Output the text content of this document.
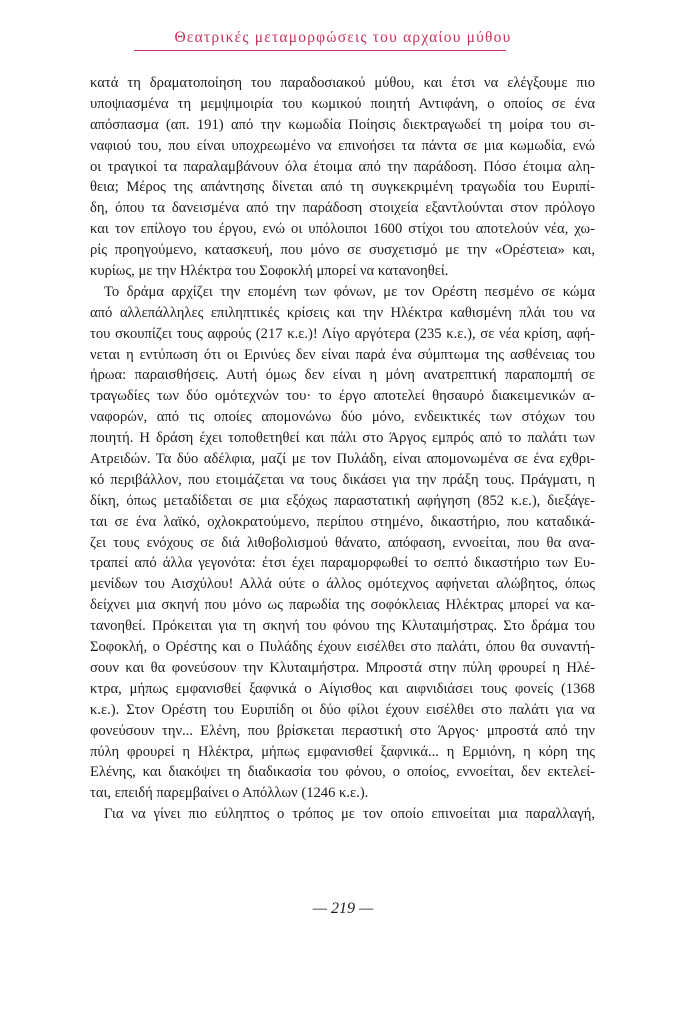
Θεατρικές μεταμορφώσεις του αρχαίου μύθου
κατά τη δραματοποίηση του παραδοσιακού μύθου, και έτσι να ελέγξουμε πιο
υποψιασμένα τη μεμψιμοιρία του κωμικού ποιητή Αντιφάνη, ο οποίος σε ένα
απόσπασμα (απ. 191) από την κωμωδία Ποίησις διεκτραγωδεί τη μοίρα του σι-
ναφιού του, που είναι υποχρεωμένο να επινοήσει τα πάντα σε μια κωμωδία, ενώ
οι τραγικοί τα παραλαμβάνουν όλα έτοιμα από την παράδοση. Πόσο έτοιμα αλη-
θεια; Μέρος της απάντησης δίνεται από τη συγκεκριμένη τραγωδία του Ευριπί-
δη, όπου τα δανεισμένα από την παράδοση στοιχεία εξαντλούνται στον πρόλογο
και τον επίλογο του έργου, ενώ οι υπόλοιποι 1600 στίχοι του αποτελούν νέα, χω-
ρίς προηγούμενο, κατασκευή, που μόνο σε συσχετισμό με την «Ορέστεια» και,
κυρίως, με την Ηλέκτρα του Σοφοκλή μπορεί να κατανοηθεί.
Το δράμα αρχίζει την επομένη των φόνων, με τον Ορέστη πεσμένο σε κώμα
από αλλεπάλληλες επιληπτικές κρίσεις και την Ηλέκτρα καθισμένη πλάι του να
του σκουπίζει τους αφρούς (217 κ.ε.)! Λίγο αργότερα (235 κ.ε.), σε νέα κρίση, αφή-
νεται η εντύπωση ότι οι Ερινύες δεν είναι παρά ένα σύμπτωμα της ασθένειας του
ήρωα: παραισθήσεις. Αυτή όμως δεν είναι η μόνη ανατρεπτική παραπομπή σε
τραγωδίες των δύο ομότεχνών του· το έργο αποτελεί θησαυρό διακειμενικών α-
ναφορών, από τις οποίες απομονώνω δύο μόνο, ενδεικτικές των στόχων του
ποιητή. Η δράση έχει τοποθετηθεί και πάλι στο Άργος εμπρός από το παλάτι των
Ατρειδών. Τα δύο αδέλφια, μαζί με τον Πυλάδη, είναι απομονωμένα σε ένα εχθρι-
κό περιβάλλον, που ετοιμάζεται να τους δικάσει για την πράξη τους. Πράγματι, η
δίκη, όπως μεταδίδεται σε μια εξόχως παραστατική αφήγηση (852 κ.ε.), διεξάγε-
ται σε ένα λαϊκό, οχλοκρατούμενο, περίπου στημένο, δικαστήριο, που καταδικά-
ζει τους ενόχους σε διά λιθοβολισμού θάνατο, απόφαση, εννοείται, που θα ανα-
τραπεί από άλλα γεγονότα: έτσι έχει παραμορφωθεί το σεπτό δικαστήριο των Ευ-
μενίδων του Αισχύλου! Αλλά ούτε ο άλλος ομότεχνος αφήνεται αλώβητος, όπως
δείχνει μια σκηνή που μόνο ως παρωδία της σοφόκλειας Ηλέκτρας μπορεί να κα-
τανοηθεί. Πρόκειται για τη σκηνή του φόνου της Κλυταιμήστρας. Στο δράμα του
Σοφοκλή, ο Ορέστης και ο Πυλάδης έχουν εισέλθει στο παλάτι, όπου θα συναντή-
σουν και θα φονεύσουν την Κλυταιμήστρα. Μπροστά στην πύλη φρουρεί η Ηλέ-
κτρα, μήπως εμφανισθεί ξαφνικά ο Αίγισθος και αιφνιδιάσει τους φονείς (1368
κ.ε.). Στον Ορέστη του Ευριπίδη οι δύο φίλοι έχουν εισέλθει στο παλάτι για να
φονεύσουν την... Ελένη, που βρίσκεται περαστική στο Άργος· μπροστά από την
πύλη φρουρεί η Ηλέκτρα, μήπως εμφανισθεί ξαφνικά... η Ερμιόνη, η κόρη της
Ελένης, και διακόψει τη διαδικασία του φόνου, ο οποίος, εννοείται, δεν εκτελεί-
ται, επειδή παρεμβαίνει ο Απόλλων (1246 κ.ε.).
Για να γίνει πιο εύληπτος ο τρόπος με τον οποίο επινοείται μια παραλλαγή,
— 219 —
